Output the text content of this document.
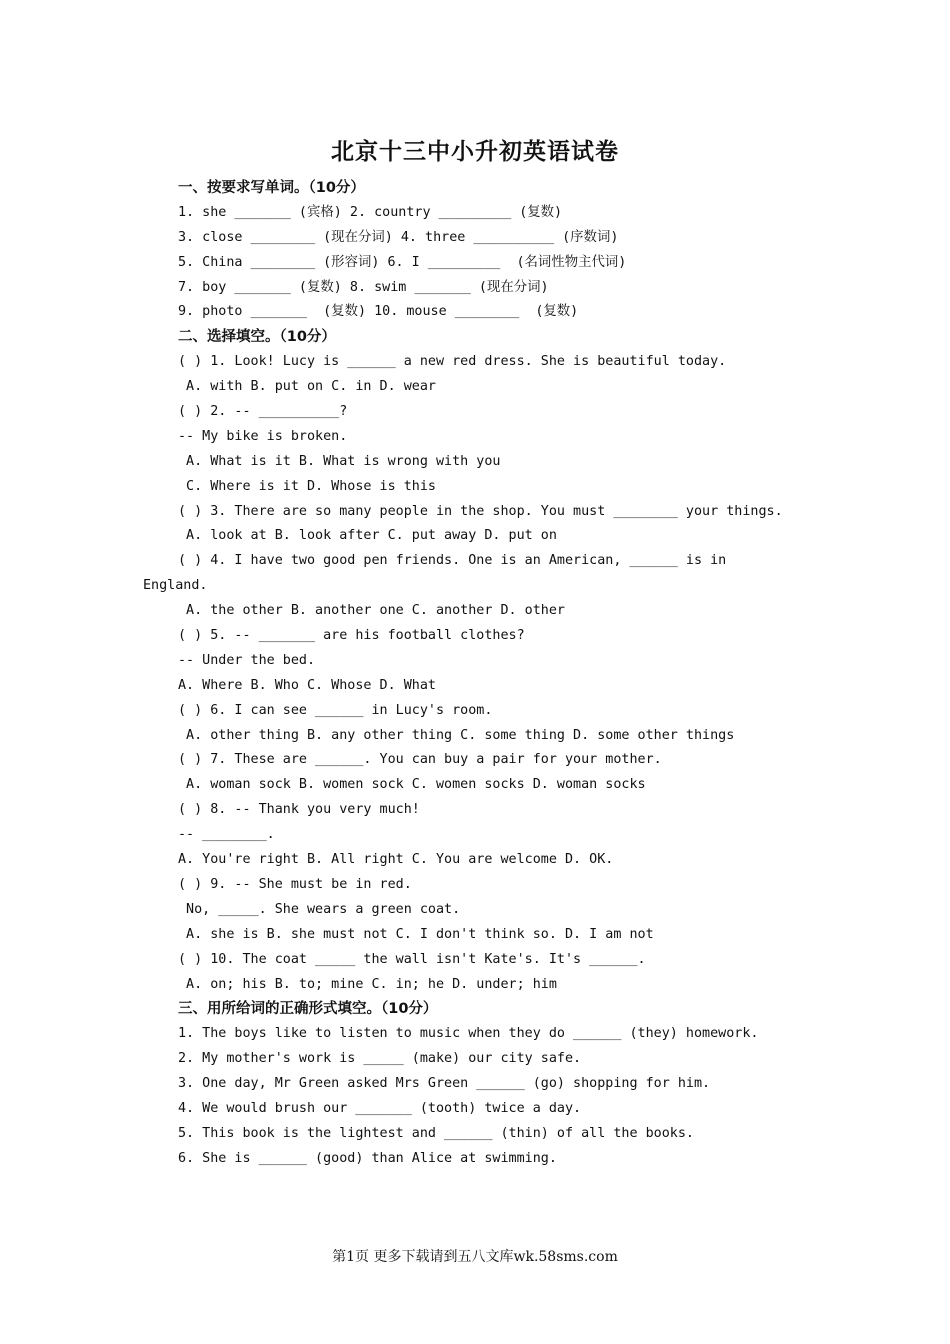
北京十三中小升初英语试卷
一、按要求写单词。（10分）
1. she _______ (宾格) 2. country _________ (复数)
3. close ________ (现在分词) 4. three __________ (序数词)
5. China ________ (形容词) 6. I _________  (名词性物主代词)
7. boy _______ (复数) 8. swim _______ (现在分词)
9. photo _______  (复数) 10. mouse ________  (复数)
二、选择填空。（10分）
( ) 1. Look! Lucy is ______ a new red dress. She is beautiful today.
A. with B. put on C. in D. wear
( ) 2. -- __________?
-- My bike is broken.
A. What is it B. What is wrong with you
C. Where is it D. Whose is this
( ) 3. There are so many people in the shop. You must ________ your things.
A. look at B. look after C. put away D. put on
( ) 4. I have two good pen friends. One is an American, ______ is in
England.
A. the other B. another one C. another D. other
( ) 5. -- _______ are his football clothes?
-- Under the bed.
A. Where B. Who C. Whose D. What
( ) 6. I can see ______ in Lucy's room.
A. other thing B. any other thing C. some thing D. some other things
( ) 7. These are ______. You can buy a pair for your mother.
A. woman sock B. women sock C. women socks D. woman socks
( ) 8. -- Thank you very much!
-- ________.
A. You're right B. All right C. You are welcome D. OK.
( ) 9. -- She must be in red.
No, _____. She wears a green coat.
A. she is B. she must not C. I don't think so. D. I am not
( ) 10. The coat _____ the wall isn't Kate's. It's ______.
A. on; his B. to; mine C. in; he D. under; him
三、用所给词的正确形式填空。（10分）
1. The boys like to listen to music when they do ______ (they) homework.
2. My mother's work is _____ (make) our city safe.
3. One day, Mr Green asked Mrs Green ______ (go) shopping for him.
4. We would brush our _______ (tooth) twice a day.
5. This book is the lightest and ______ (thin) of all the books.
6. She is ______ (good) than Alice at swimming.
第1页 更多下载请到五八文库wk.58sms.com
